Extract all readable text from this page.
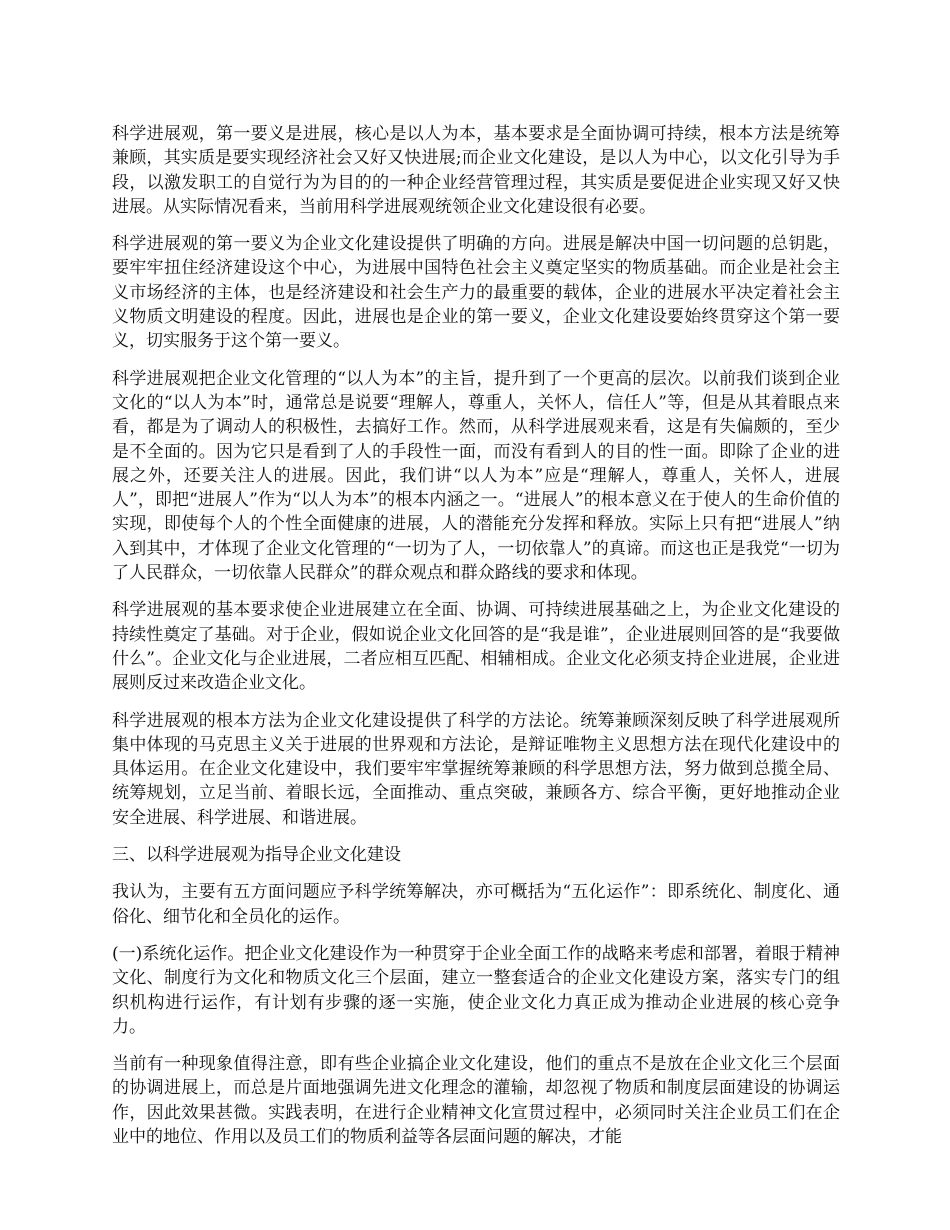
科学进展观，第一要义是进展，核心是以人为本，基本要求是全面协调可持续，根本方法是统筹兼顾，其实质是要实现经济社会又好又快进展;而企业文化建设，是以人为中心，以文化引导为手段，以激发职工的自觉行为为目的的一种企业经营管理过程，其实质是要促进企业实现又好又快进展。从实际情况看来，当前用科学进展观统领企业文化建设很有必要。

科学进展观的第一要义为企业文化建设提供了明确的方向。进展是解决中国一切问题的总钥匙，要牢牢扭住经济建设这个中心，为进展中国特色社会主义奠定坚实的物质基础。而企业是社会主义市场经济的主体，也是经济建设和社会生产力的最重要的载体，企业的进展水平决定着社会主义物质文明建设的程度。因此，进展也是企业的第一要义，企业文化建设要始终贯穿这个第一要义，切实服务于这个第一要义。

科学进展观把企业文化管理的“以人为本”的主旨，提升到了一个更高的层次。以前我们谈到企业文化的“以人为本”时，通常总是说要“理解人，尊重人，关怀人，信任人”等，但是从其着眼点来看，都是为了调动人的积极性，去搞好工作。然而，从科学进展观来看，这是有失偏颇的，至少是不全面的。因为它只是看到了人的手段性一面，而没有看到人的目的性一面。即除了企业的进展之外，还要关注人的进展。因此，我们讲“以人为本”应是“理解人，尊重人，关怀人，进展人”，即把“进展人”作为“以人为本”的根本内涵之一。“进展人”的根本意义在于使人的生命价值的实现，即使每个人的个性全面健康的进展，人的潜能充分发挥和释放。实际上只有把“进展人”纳入到其中，才体现了企业文化管理的“一切为了人，一切依靠人”的真谛。而这也正是我党“一切为了人民群众，一切依靠人民群众”的群众观点和群众路线的要求和体现。

科学进展观的基本要求使企业进展建立在全面、协调、可持续进展基础之上，为企业文化建设的持续性奠定了基础。对于企业，假如说企业文化回答的是“我是谁”，企业进展则回答的是“我要做什么”。企业文化与企业进展，二者应相互匹配、相辅相成。企业文化必须支持企业进展，企业进展则反过来改造企业文化。

科学进展观的根本方法为企业文化建设提供了科学的方法论。统筹兼顾深刻反映了科学进展观所集中体现的马克思主义关于进展的世界观和方法论，是辩证唯物主义思想方法在现代化建设中的具体运用。在企业文化建设中，我们要牢牢掌握统筹兼顾的科学思想方法，努力做到总揽全局、统筹规划，立足当前、着眼长远，全面推动、重点突破，兼顾各方、综合平衡，更好地推动企业安全进展、科学进展、和谐进展。

三、以科学进展观为指导企业文化建设

我认为，主要有五方面问题应予科学统筹解决，亦可概括为“五化运作”：即系统化、制度化、通俗化、细节化和全员化的运作。

(一)系统化运作。把企业文化建设作为一种贯穿于企业全面工作的战略来考虑和部署，着眼于精神文化、制度行为文化和物质文化三个层面，建立一整套适合的企业文化建设方案，落实专门的组织机构进行运作，有计划有步骤的逐一实施，使企业文化力真正成为推动企业进展的核心竞争力。

当前有一种现象值得注意，即有些企业搞企业文化建设，他们的重点不是放在企业文化三个层面的协调进展上，而总是片面地强调先进文化理念的灌输，却忽视了物质和制度层面建设的协调运作，因此效果甚微。实践表明，在进行企业精神文化宣贯过程中，必须同时关注企业员工们在企业中的地位、作用以及员工们的物质利益等各层面问题的解决，才能
